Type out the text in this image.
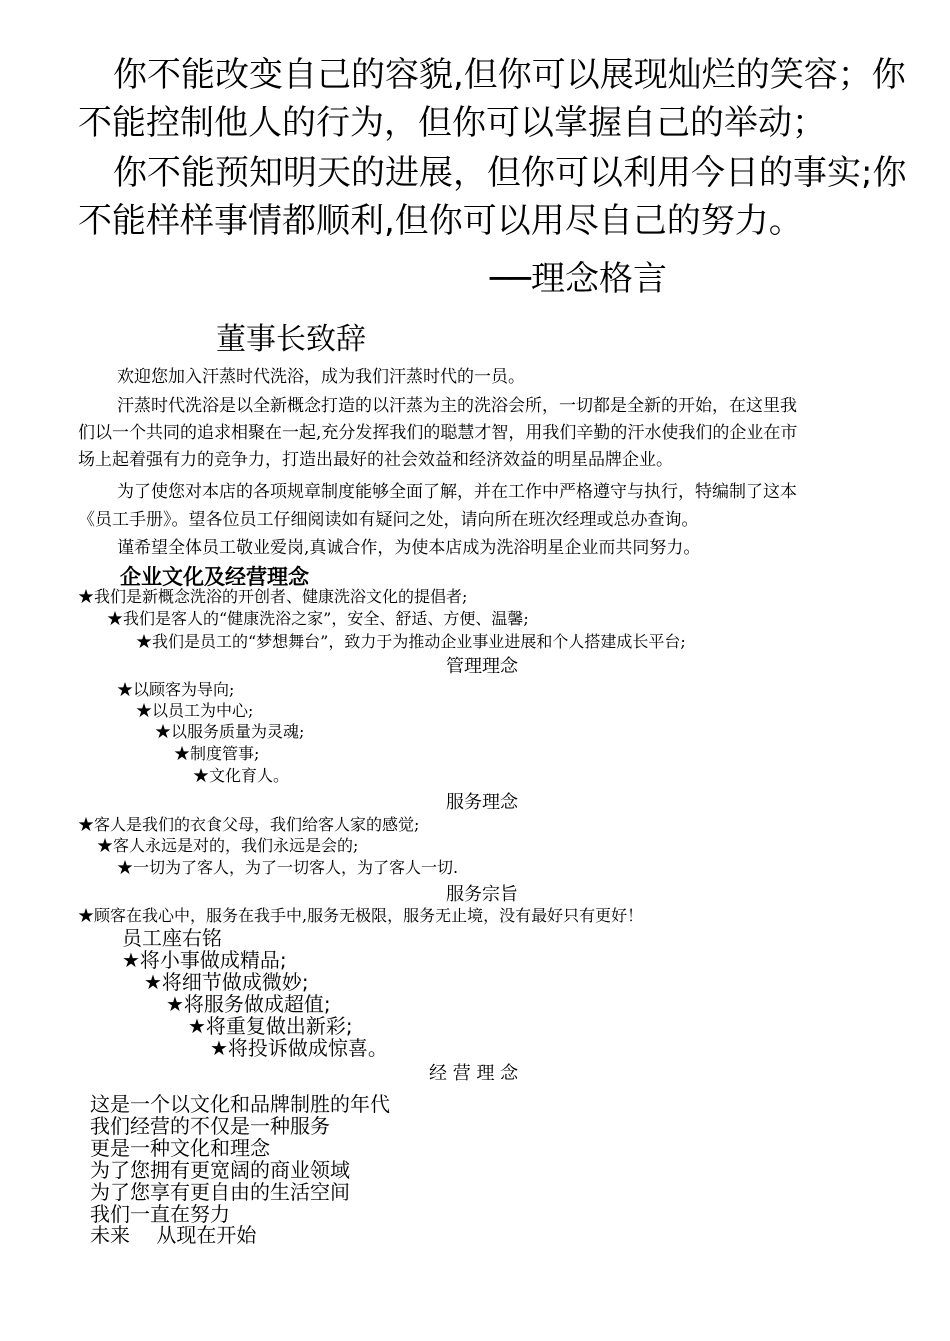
你不能改变自己的容貌,但你可以展现灿烂的笑容；你
不能控制他人的行为，但你可以掌握自己的举动；
你不能预知明天的进展，但你可以利用今日的事实;你
不能样样事情都顺利,但你可以用尽自己的努力。
──理念格言
董事长致辞
欢迎您加入汗蒸时代洗浴，成为我们汗蒸时代的一员。
汗蒸时代洗浴是以全新概念打造的以汗蒸为主的洗浴会所，一切都是全新的开始，在这里我
们以一个共同的追求相聚在一起,充分发挥我们的聪慧才智，用我们辛勤的汗水使我们的企业在市
场上起着强有力的竞争力，打造出最好的社会效益和经济效益的明星品牌企业。
为了使您对本店的各项规章制度能够全面了解，并在工作中严格遵守与执行，特编制了这本
《员工手册》。望各位员工仔细阅读如有疑问之处，请向所在班次经理或总办查询。
谨希望全体员工敬业爱岗,真诚合作，为使本店成为洗浴明星企业而共同努力。
企业文化及经营理念
★我们是新概念洗浴的开创者、健康洗浴文化的提倡者;
★我们是客人的“健康洗浴之家”，安全、舒适、方便、温馨;
★我们是员工的“梦想舞台”，致力于为推动企业事业进展和个人搭建成长平台;
管理理念
★以顾客为导向;
★以员工为中心;
★以服务质量为灵魂;
★制度管事;
★文化育人。
服务理念
★客人是我们的衣食父母，我们给客人家的感觉;
★客人永远是对的，我们永远是会的;
★一切为了客人，为了一切客人，为了客人一切.
服务宗旨
★顾客在我心中，服务在我手中,服务无极限，服务无止境，没有最好只有更好！
员工座右铭
★将小事做成精品;
★将细节做成微妙;
★将服务做成超值;
★将重复做出新彩;
★将投诉做成惊喜。
经 营 理 念
这是一个以文化和品牌制胜的年代
我们经营的不仅是一种服务
更是一种文化和理念
为了您拥有更宽阔的商业领域
为了您享有更自由的生活空间
我们一直在努力
未来　 从现在开始
